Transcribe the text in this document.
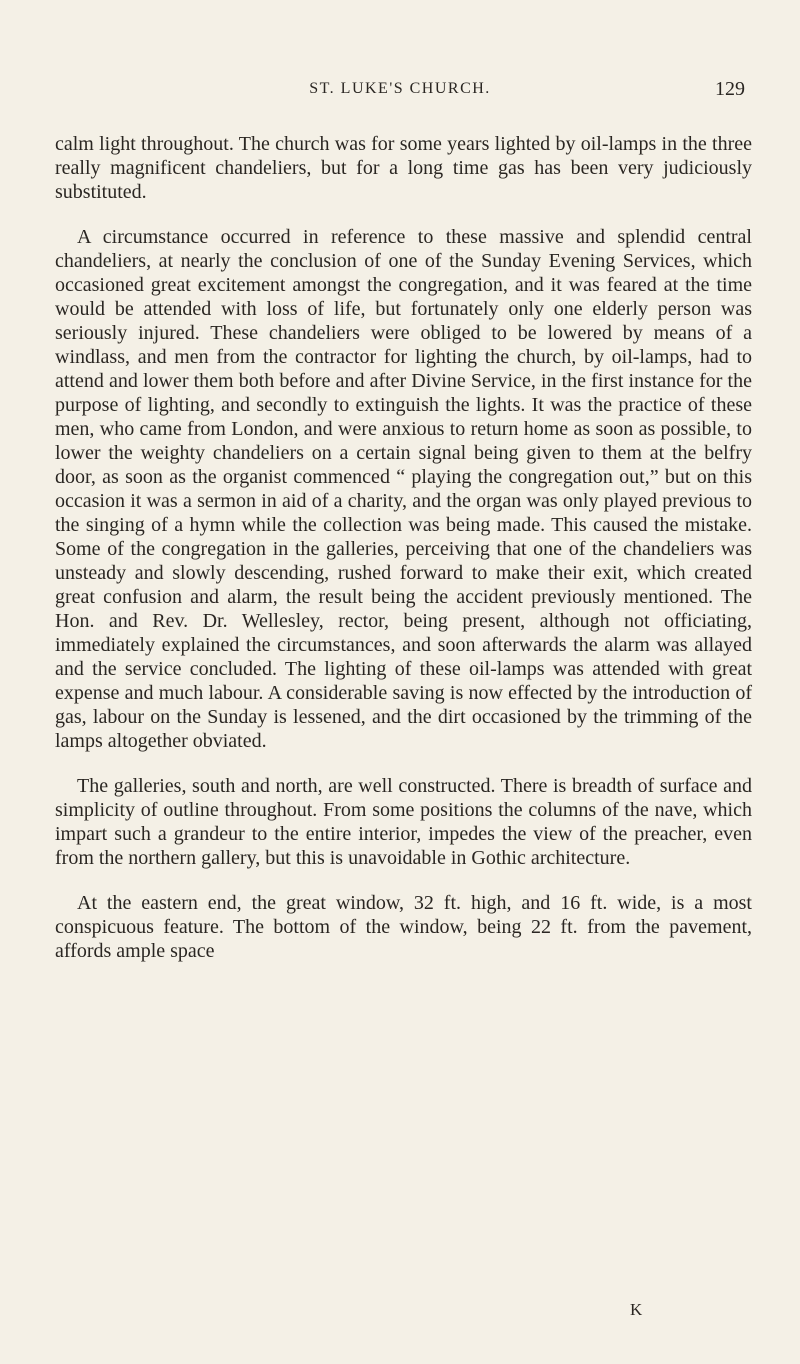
ST. LUKE'S CHURCH.	129

calm light throughout. The church was for some years lighted by oil-lamps in the three really magnificent chandeliers, but for a long time gas has been very judiciously substituted.

A circumstance occurred in reference to these massive and splendid central chandeliers, at nearly the conclusion of one of the Sunday Evening Services, which occasioned great excitement amongst the congregation, and it was feared at the time would be attended with loss of life, but fortunately only one elderly person was seriously injured. These chandeliers were obliged to be lowered by means of a windlass, and men from the contractor for lighting the church, by oil-lamps, had to attend and lower them both before and after Divine Service, in the first instance for the purpose of lighting, and secondly to extinguish the lights. It was the practice of these men, who came from London, and were anxious to return home as soon as possible, to lower the weighty chandeliers on a certain signal being given to them at the belfry door, as soon as the organist commenced “ playing the congregation out,” but on this occasion it was a sermon in aid of a charity, and the organ was only played previous to the singing of a hymn while the collection was being made. This caused the mistake. Some of the congregation in the galleries, perceiving that one of the chandeliers was unsteady and slowly descending, rushed forward to make their exit, which created great confusion and alarm, the result being the accident previously mentioned. The Hon. and Rev. Dr. Wellesley, rector, being present, although not officiating, immediately explained the circumstances, and soon afterwards the alarm was allayed and the service concluded. The lighting of these oil-lamps was attended with great expense and much labour. A considerable saving is now effected by the introduction of gas, labour on the Sunday is lessened, and the dirt occasioned by the trimming of the lamps altogether obviated.

The galleries, south and north, are well constructed. There is breadth of surface and simplicity of outline throughout. From some positions the columns of the nave, which impart such a grandeur to the entire interior, impedes the view of the preacher, even from the northern gallery, but this is unavoidable in Gothic architecture.

At the eastern end, the great window, 32 ft. high, and 16 ft. wide, is a most conspicuous feature. The bottom of the window, being 22 ft. from the pavement, affords ample space

K
